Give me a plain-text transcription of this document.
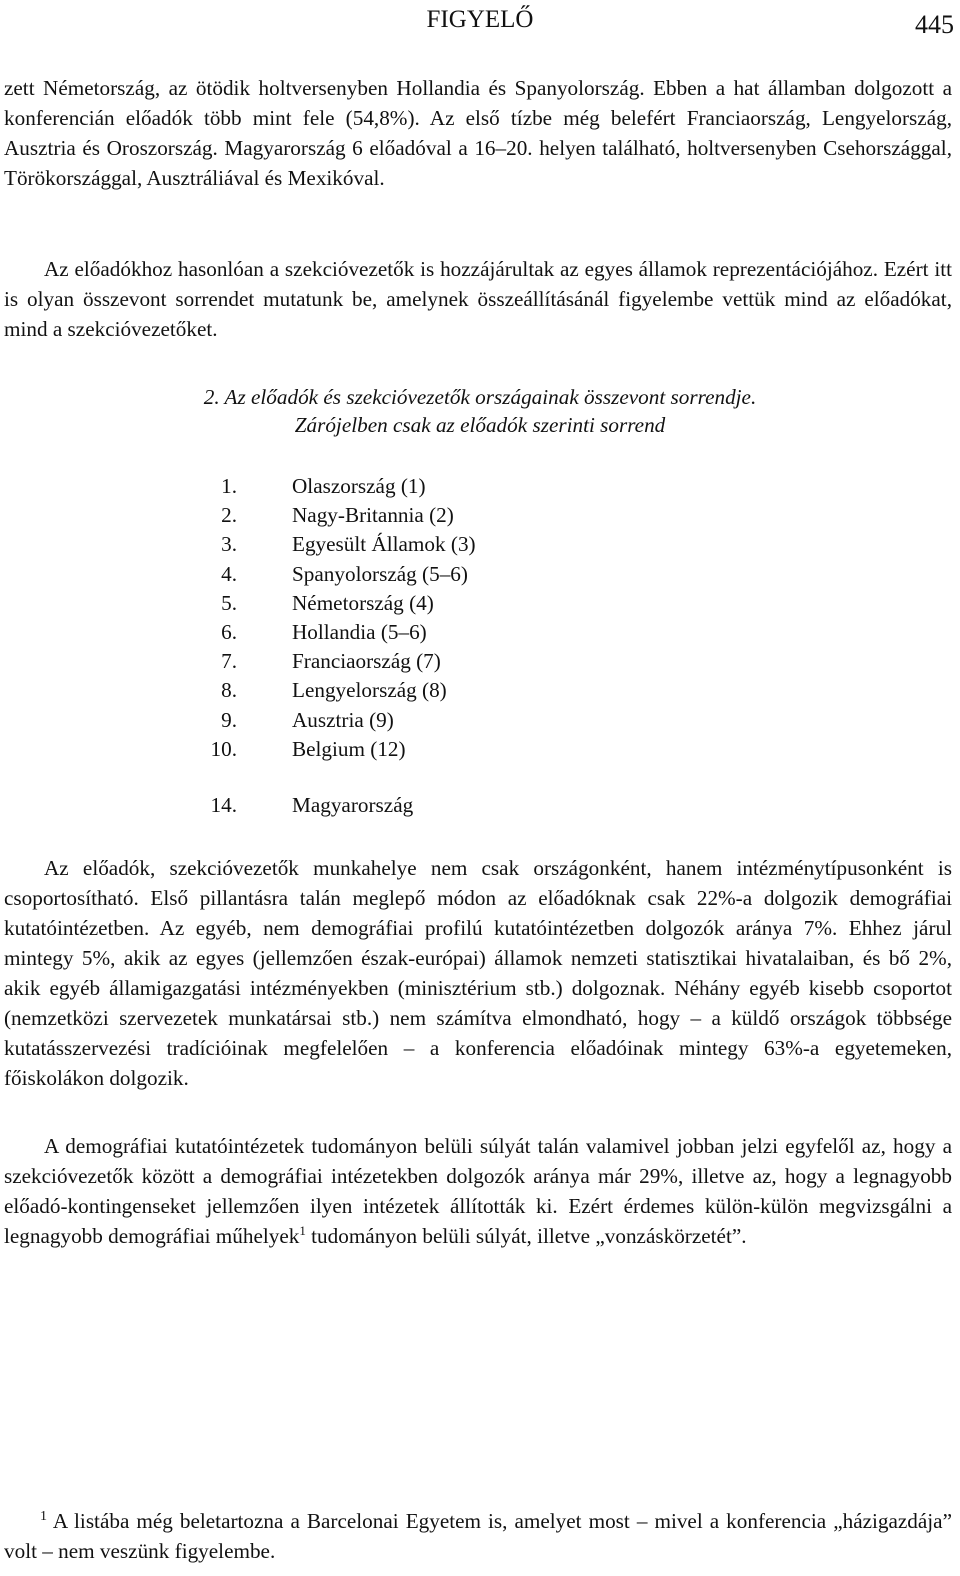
FIGYELŐ	445

zett Németország, az ötödik holtversenyben Hollandia és Spanyolország. Ebben a hat államban dolgozott a konferencián előadók több mint fele (54,8%). Az első tízbe még belefért Franciaország, Lengyelország, Ausztria és Oroszország. Magyarország 6 előadóval a 16–20. helyen található, holtversenyben Csehországgal, Törökországgal, Ausztráliával és Mexikóval.

Az előadókhoz hasonlóan a szekcióvezetők is hozzájárultak az egyes államok reprezentációjához. Ezért itt is olyan összevont sorrendet mutatunk be, amelynek összeállításánál figyelembe vettük mind az előadókat, mind a szekcióvezetőket.

2. Az előadók és szekcióvezetők országainak összevont sorrendje.
Zárójelben csak az előadók szerinti sorrend
1.	Olaszország (1)
2.	Nagy-Britannia (2)
3.	Egyesült Államok (3)
4.	Spanyolország (5–6)
5.	Németország (4)
6.	Hollandia (5–6)
7.	Franciaország (7)
8.	Lengyelország (8)
9.	Ausztria (9)
10.	Belgium (12)
14.	Magyarország

Az előadók, szekcióvezetők munkahelye nem csak országonként, hanem intézménytípusonként is csoportosítható. Első pillantásra talán meglepő módon az előadóknak csak 22%-a dolgozik demográfiai kutatóintézetben. Az egyéb, nem demográfiai profilú kutatóintézetben dolgozók aránya 7%. Ehhez járul mintegy 5%, akik az egyes (jellemzően észak-európai) államok nemzeti statisztikai hivatalaiban, és bő 2%, akik egyéb államigazgatási intézményekben (minisztérium stb.) dolgoznak. Néhány egyéb kisebb csoportot (nemzetközi szervezetek munkatársai stb.) nem számítva elmondható, hogy – a küldő országok többsége kutatásszervezési tradícióinak megfelelően – a konferencia előadóinak mintegy 63%-a egyetemeken, főiskolákon dolgozik.

A demográfiai kutatóintézetek tudományon belüli súlyát talán valamivel jobban jelzi egyfelől az, hogy a szekcióvezetők között a demográfiai intézetekben dolgozók aránya már 29%, illetve az, hogy a legnagyobb előadó-kontingenseket jellemzően ilyen intézetek állították ki. Ezért érdemes külön-külön megvizsgálni a legnagyobb demográfiai műhelyek$^1$ tudományon belüli súlyát, illetve „vonzáskörzetét”.

$^1$ A listába még beletartozna a Barcelonai Egyetem is, amelyet most – mivel a konferencia „házigazdája” volt – nem veszünk figyelembe.
